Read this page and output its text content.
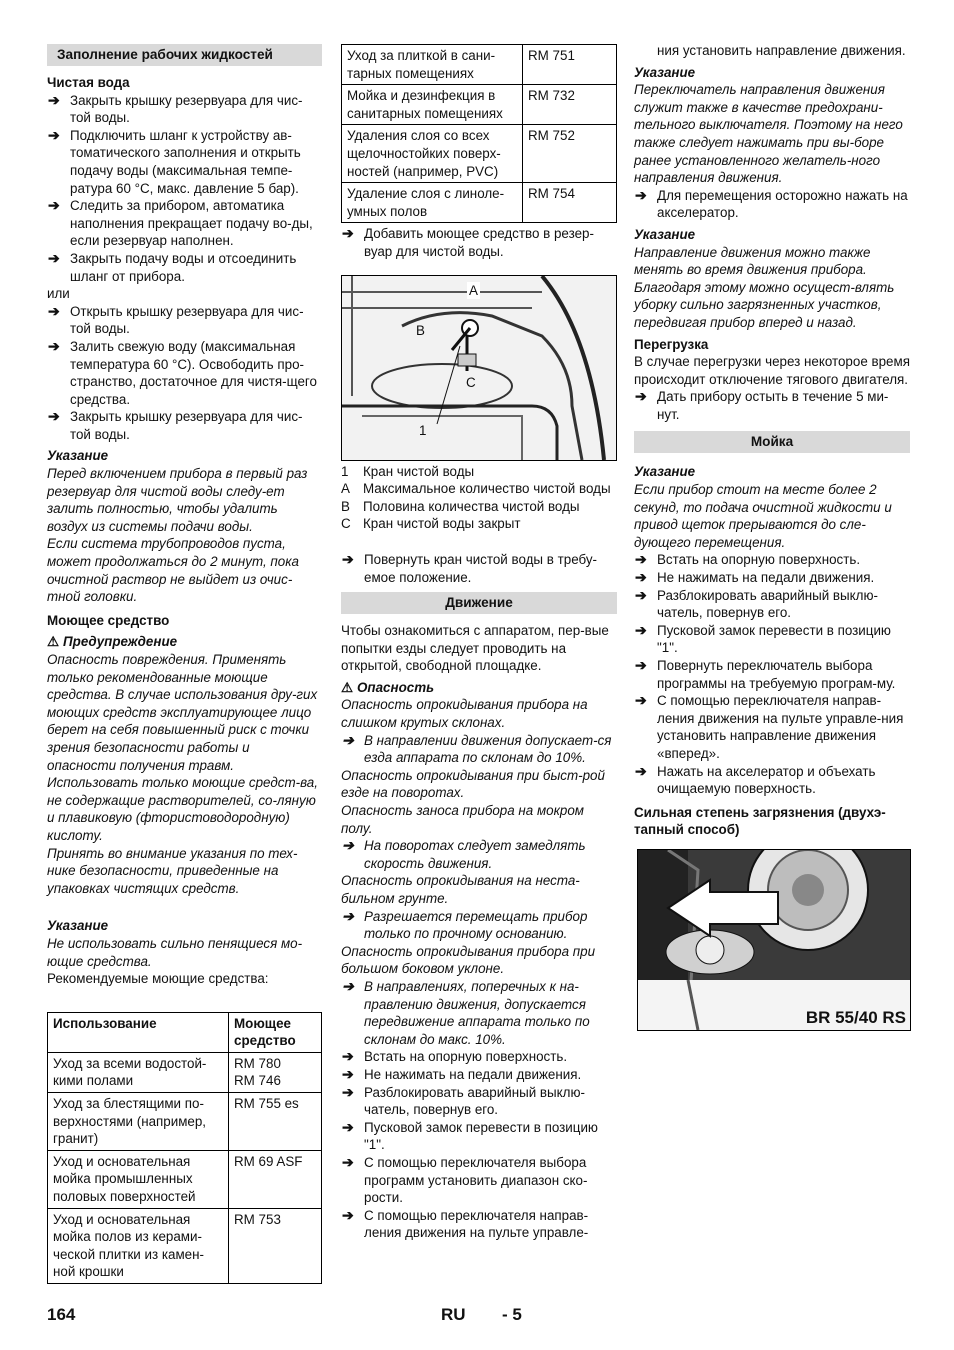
Заполнение рабочих жидкостей
Чистая вода
➔ Закрыть крышку резервуара для чис-той воды.
➔ Подключить шланг к устройству ав-томатического заполнения и открыть подачу воды (максимальная темпе-ратура 60 °C, макс. давление 5 бар).
➔ Следить за прибором, автоматика наполнения прекращает подачу во-ды, если резервуар наполнен.
➔ Закрыть подачу воды и отсоединить шланг от прибора.

или

➔ Открыть крышку резервуара для чис-той воды.
➔ Залить свежую воду (максимальная температура 60 °C). Освободить про-странство, достаточное для чистя-щего средства.
➔ Закрыть крышку резервуара для чис-той воды.
Указание

Перед включением прибора в первый раз резервуар для чистой воды следу-ет залить полностью, чтобы удалить воздух из системы подачи воды.

Если система трубопроводов пуста, может продолжаться до 2 минут, пока очистной раствор не выйдет из очис-тной головки.

Моющее средство
⚠ Предупреждение

Опасность повреждения. Применять только рекомендованные моющие средства. В случае использования дру-гих моющих средств эксплуатирующее лицо берет на себя повышенный риск с точки зрения безопасности работы и опасности получения травм.

Использовать только моющие средст-ва, не содержащие растворителей, со-ляную и плавиковую (фтористоводородную) кислоту.

Принять во внимание указания по тех-нике безопасности, приведенные на упаковках чистящих средств.

Указание

Не использовать сильно пенящиеся мо-ющие средства.

Рекомендуемые моющие средства:

Использование	Моющее средство
Уход за всеми водостой-кими полами	RM 780
RM 746
Уход за блестящими по-верхностями (например, гранит)	RM 755 es
Уход и основательная мойка промышленных половых поверхностей	RM 69 ASF
Уход и основательная мойка полов из керами-ческой плитки из камен-ной крошки	RM 753
Уход за плиткой в сани-тарных помещениях	RM 751
Мойка и дезинфекция в санитарных помещениях	RM 732
Удаления слоя со всех щелочностойких поверх-ностей (например, PVC)	RM 752
Удаление слоя с линоле-умных полов	RM 754
➔ Добавить моющее средство в резер-вуар для чистой воды.
A
B
C
1
1 Кран чистой воды
A Максимальное количество чистой воды
B Половина количества чистой воды
C Кран чистой воды закрыт
➔ Повернуть кран чистой воды в требу-емое положение.
Движение

Чтобы ознакомиться с аппаратом, пер-вые попытки езды следует проводить на открытой, свободной площадке.

⚠ Опасность

Опасность опрокидывания прибора на слишком крутых склонах.

➔ В направлении движения допускает-ся езда аппарата по склонам до 10%.

Опасность опрокидывания при быст-рой езде на поворотах.

Опасность заноса прибора на мокром полу.

➔ На поворотах следует замедлять скорость движения.

Опасность опрокидывания на неста-бильном грунте.

➔ Разрешается перемещать прибор только по прочному основанию.

Опасность опрокидывания прибора при большом боковом уклоне.

➔ В направлениях, поперечных к на-правлению движения, допускается передвижение аппарата только по склонам до макс. 10%.
➔ Встать на опорную поверхность.
➔ Не нажимать на педали движения.
➔ Разблокировать аварийный выклю-чатель, повернув его.
➔ Пусковой замок перевести в позицию "1".
➔ С помощью переключателя выбора программ установить диапазон ско-рости.
➔ С помощью переключателя направ-ления движения на пульте управле-

ния установить направление движения.

Указание

Переключатель направления движения служит также в качестве предохрани-тельного выключателя. Поэтому на него также следует нажимать при вы-боре ранее установленного желатель-ного направления движения.

➔ Для перемещения осторожно нажать на акселератор.
Указание

Направление движения можно также менять во время движения прибора. Благодаря этому можно осущест-влять уборку сильно загрязненных участков, передвигая прибор вперед и назад.

Перегрузка

В случае перегрузки через некоторое время происходит отключение тягового двигателя.

➔ Дать прибору остыть в течение 5 ми-нут.
Мойка
Указание

Если прибор стоит на месте более 2 секунд, то подача очистной жидкости и привод щеток прерываются до сле-дующего перемещения.

➔ Встать на опорную поверхность.
➔ Не нажимать на педали движения.
➔ Разблокировать аварийный выклю-чатель, повернув его.
➔ Пусковой замок перевести в позицию "1".
➔ Повернуть переключатель выбора программы на требуемую програм-му.
➔ С помощью переключателя направ-ления движения на пульте управле-ния установить направление движения «вперед».
➔ Нажать на акселератор и объехать очищаемую поверхность.
Сильная степень загрязнения (двухэ-тапный способ)
BR 55/40 RS
164	RU - 5
